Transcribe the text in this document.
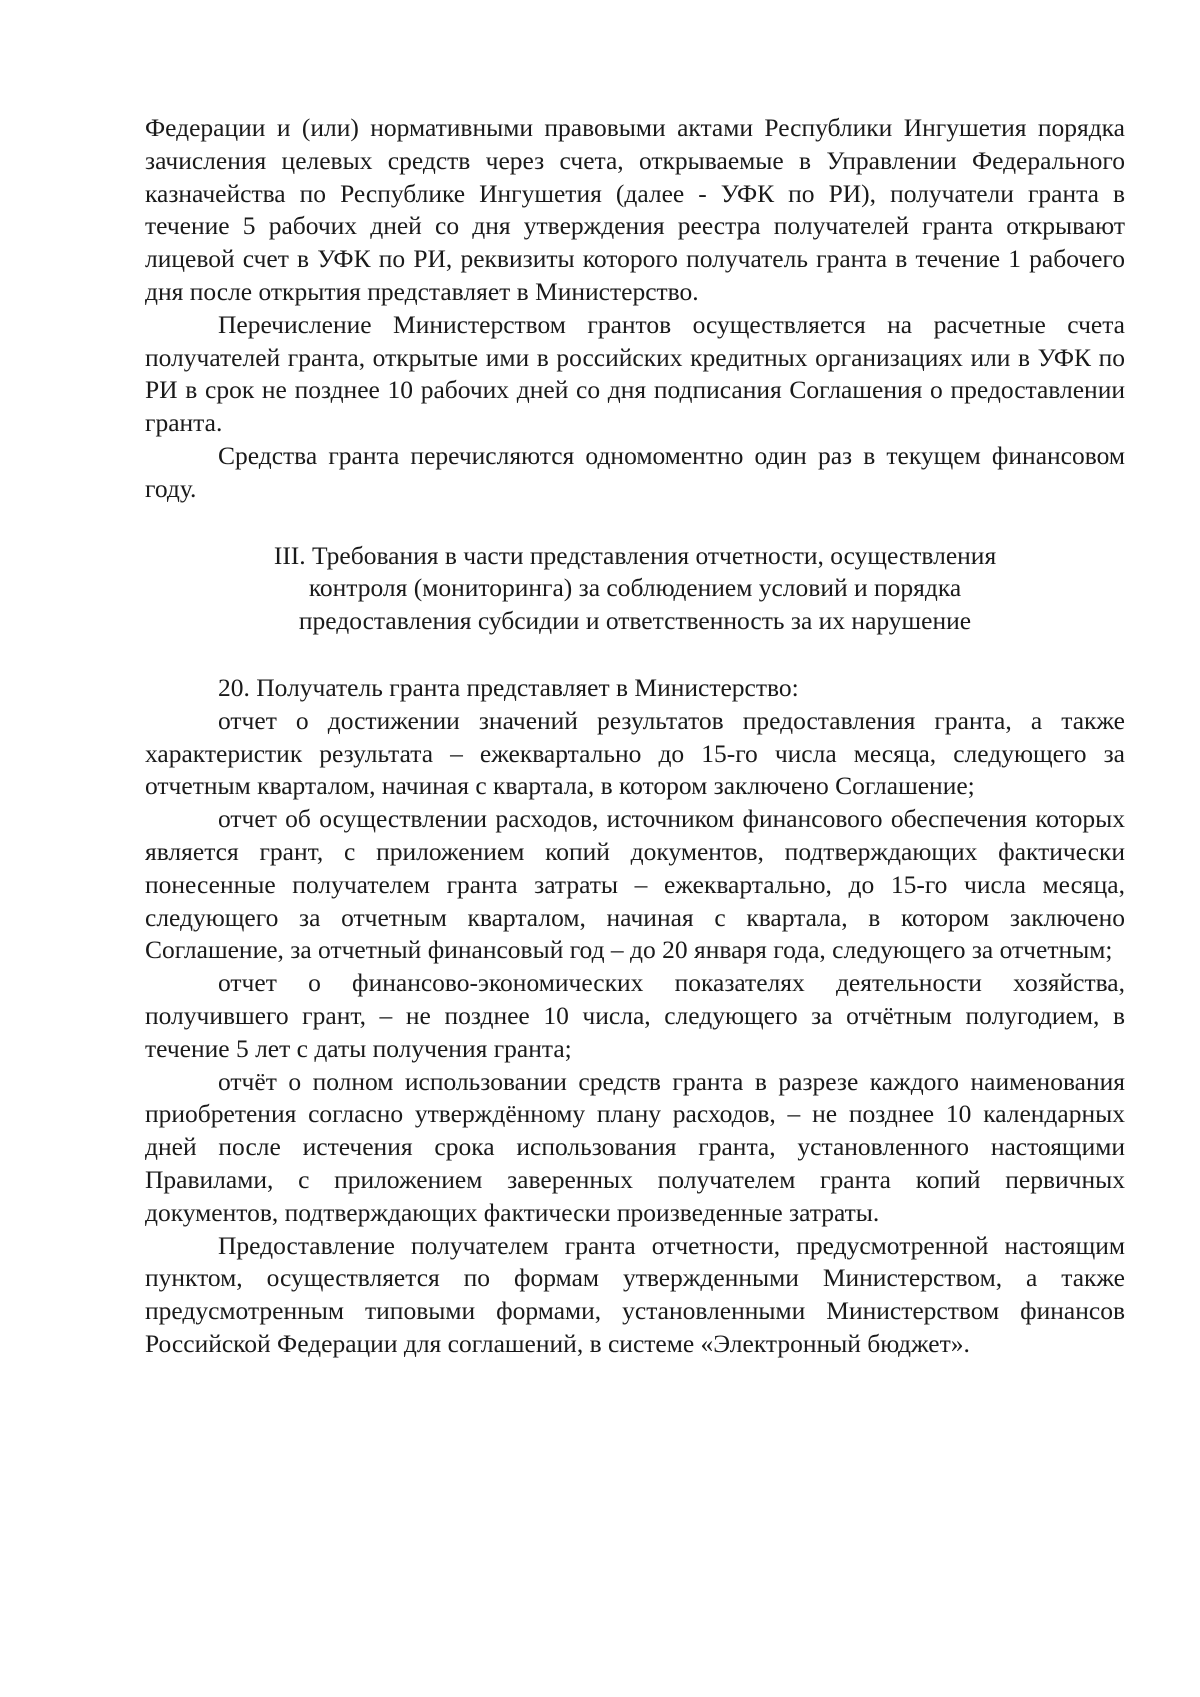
Федерации и (или) нормативными правовыми актами Республики Ингушетия порядка зачисления целевых средств через счета, открываемые в Управлении Федерального казначейства по Республике Ингушетия (далее - УФК по РИ), получатели гранта в течение 5 рабочих дней со дня утверждения реестра получателей гранта открывают лицевой счет в УФК по РИ, реквизиты которого получатель гранта в течение 1 рабочего дня после открытия представляет в Министерство.

Перечисление Министерством грантов осуществляется на расчетные счета получателей гранта, открытые ими в российских кредитных организациях или в УФК по РИ в срок не позднее 10 рабочих дней со дня подписания Соглашения о предоставлении гранта.

Средства гранта перечисляются одномоментно один раз в текущем финансовом году.

III. Требования в части представления отчетности, осуществления
контроля (мониторинга) за соблюдением условий и порядка
предоставления субсидии и ответственность за их нарушение

20. Получатель гранта представляет в Министерство:

отчет о достижении значений результатов предоставления гранта, а также характеристик результата – ежеквартально до 15-го числа месяца, следующего за отчетным кварталом, начиная с квартала, в котором заключено Соглашение;

отчет об осуществлении расходов, источником финансового обеспечения которых является грант, с приложением копий документов, подтверждающих фактически понесенные получателем гранта затраты – ежеквартально, до 15-го числа месяца, следующего за отчетным кварталом, начиная с квартала, в котором заключено Соглашение, за отчетный финансовый год – до 20 января года, следующего за отчетным;

отчет о финансово-экономических показателях деятельности хозяйства, получившего грант, – не позднее 10 числа, следующего за отчётным полугодием, в течение 5 лет с даты получения гранта;

отчёт о полном использовании средств гранта в разрезе каждого наименования приобретения согласно утверждённому плану расходов, – не позднее 10 календарных дней после истечения срока использования гранта, установленного настоящими Правилами, с приложением заверенных получателем гранта копий первичных документов, подтверждающих фактически произведенные затраты.

Предоставление получателем гранта отчетности, предусмотренной настоящим пунктом, осуществляется по формам утвержденными Министерством, а также предусмотренным типовыми формами, установленными Министерством финансов Российской Федерации для соглашений, в системе «Электронный бюджет».
